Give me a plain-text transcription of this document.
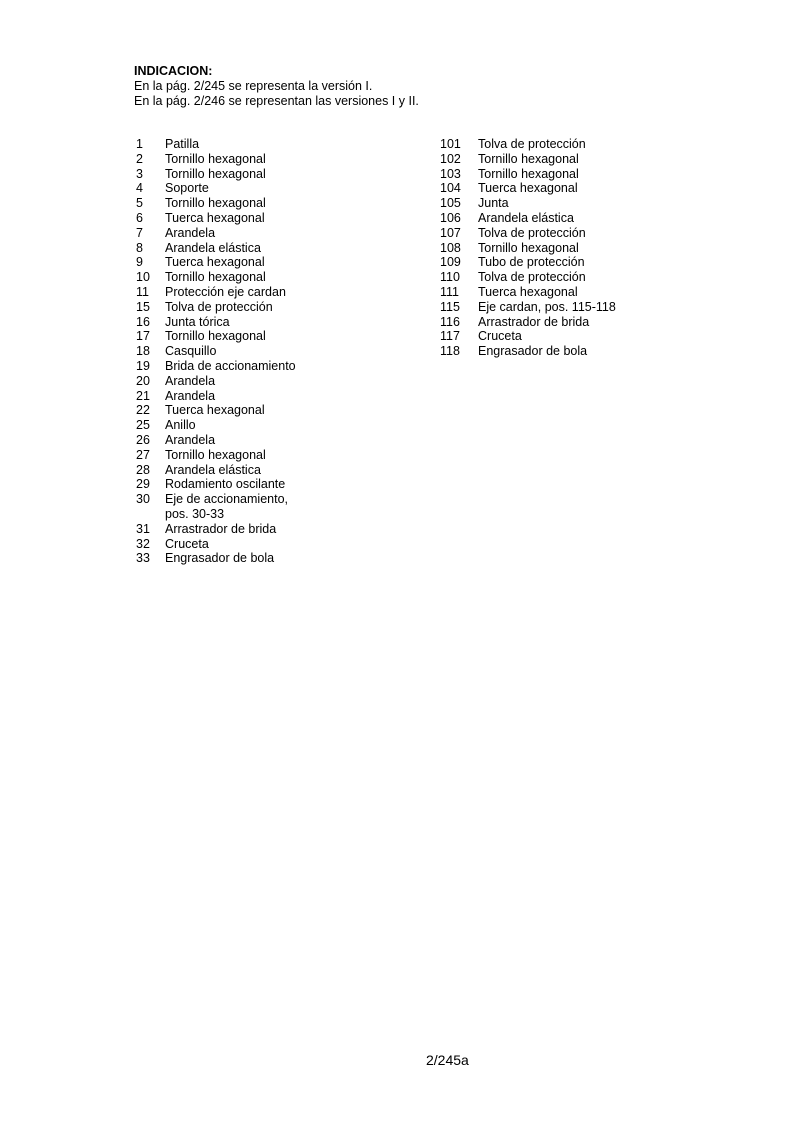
INDICACION:
En la pág. 2/245 se representa la versión I.
En la pág. 2/246 se representan las versiones I y II.
1	Patilla
2	Tornillo hexagonal
3	Tornillo hexagonal
4	Soporte
5	Tornillo hexagonal
6	Tuerca hexagonal
7	Arandela
8	Arandela elástica
9	Tuerca hexagonal
10	Tornillo hexagonal
11	Protección eje cardan
15	Tolva de protección
16	Junta tórica
17	Tornillo hexagonal
18	Casquillo
19	Brida de accionamiento
20	Arandela
21	Arandela
22	Tuerca hexagonal
25	Anillo
26	Arandela
27	Tornillo hexagonal
28	Arandela elástica
29	Rodamiento oscilante
30	Eje de accionamiento,
pos. 30-33
31	Arrastrador de brida
32	Cruceta
33	Engrasador de bola
101	Tolva de protección
102	Tornillo hexagonal
103	Tornillo hexagonal
104	Tuerca hexagonal
105	Junta
106	Arandela elástica
107	Tolva de protección
108	Tornillo hexagonal
109	Tubo de protección
110	Tolva de protección
111	Tuerca hexagonal
115	Eje cardan, pos. 115-118
116	Arrastrador de brida
117	Cruceta
118	Engrasador de bola
2/245a
